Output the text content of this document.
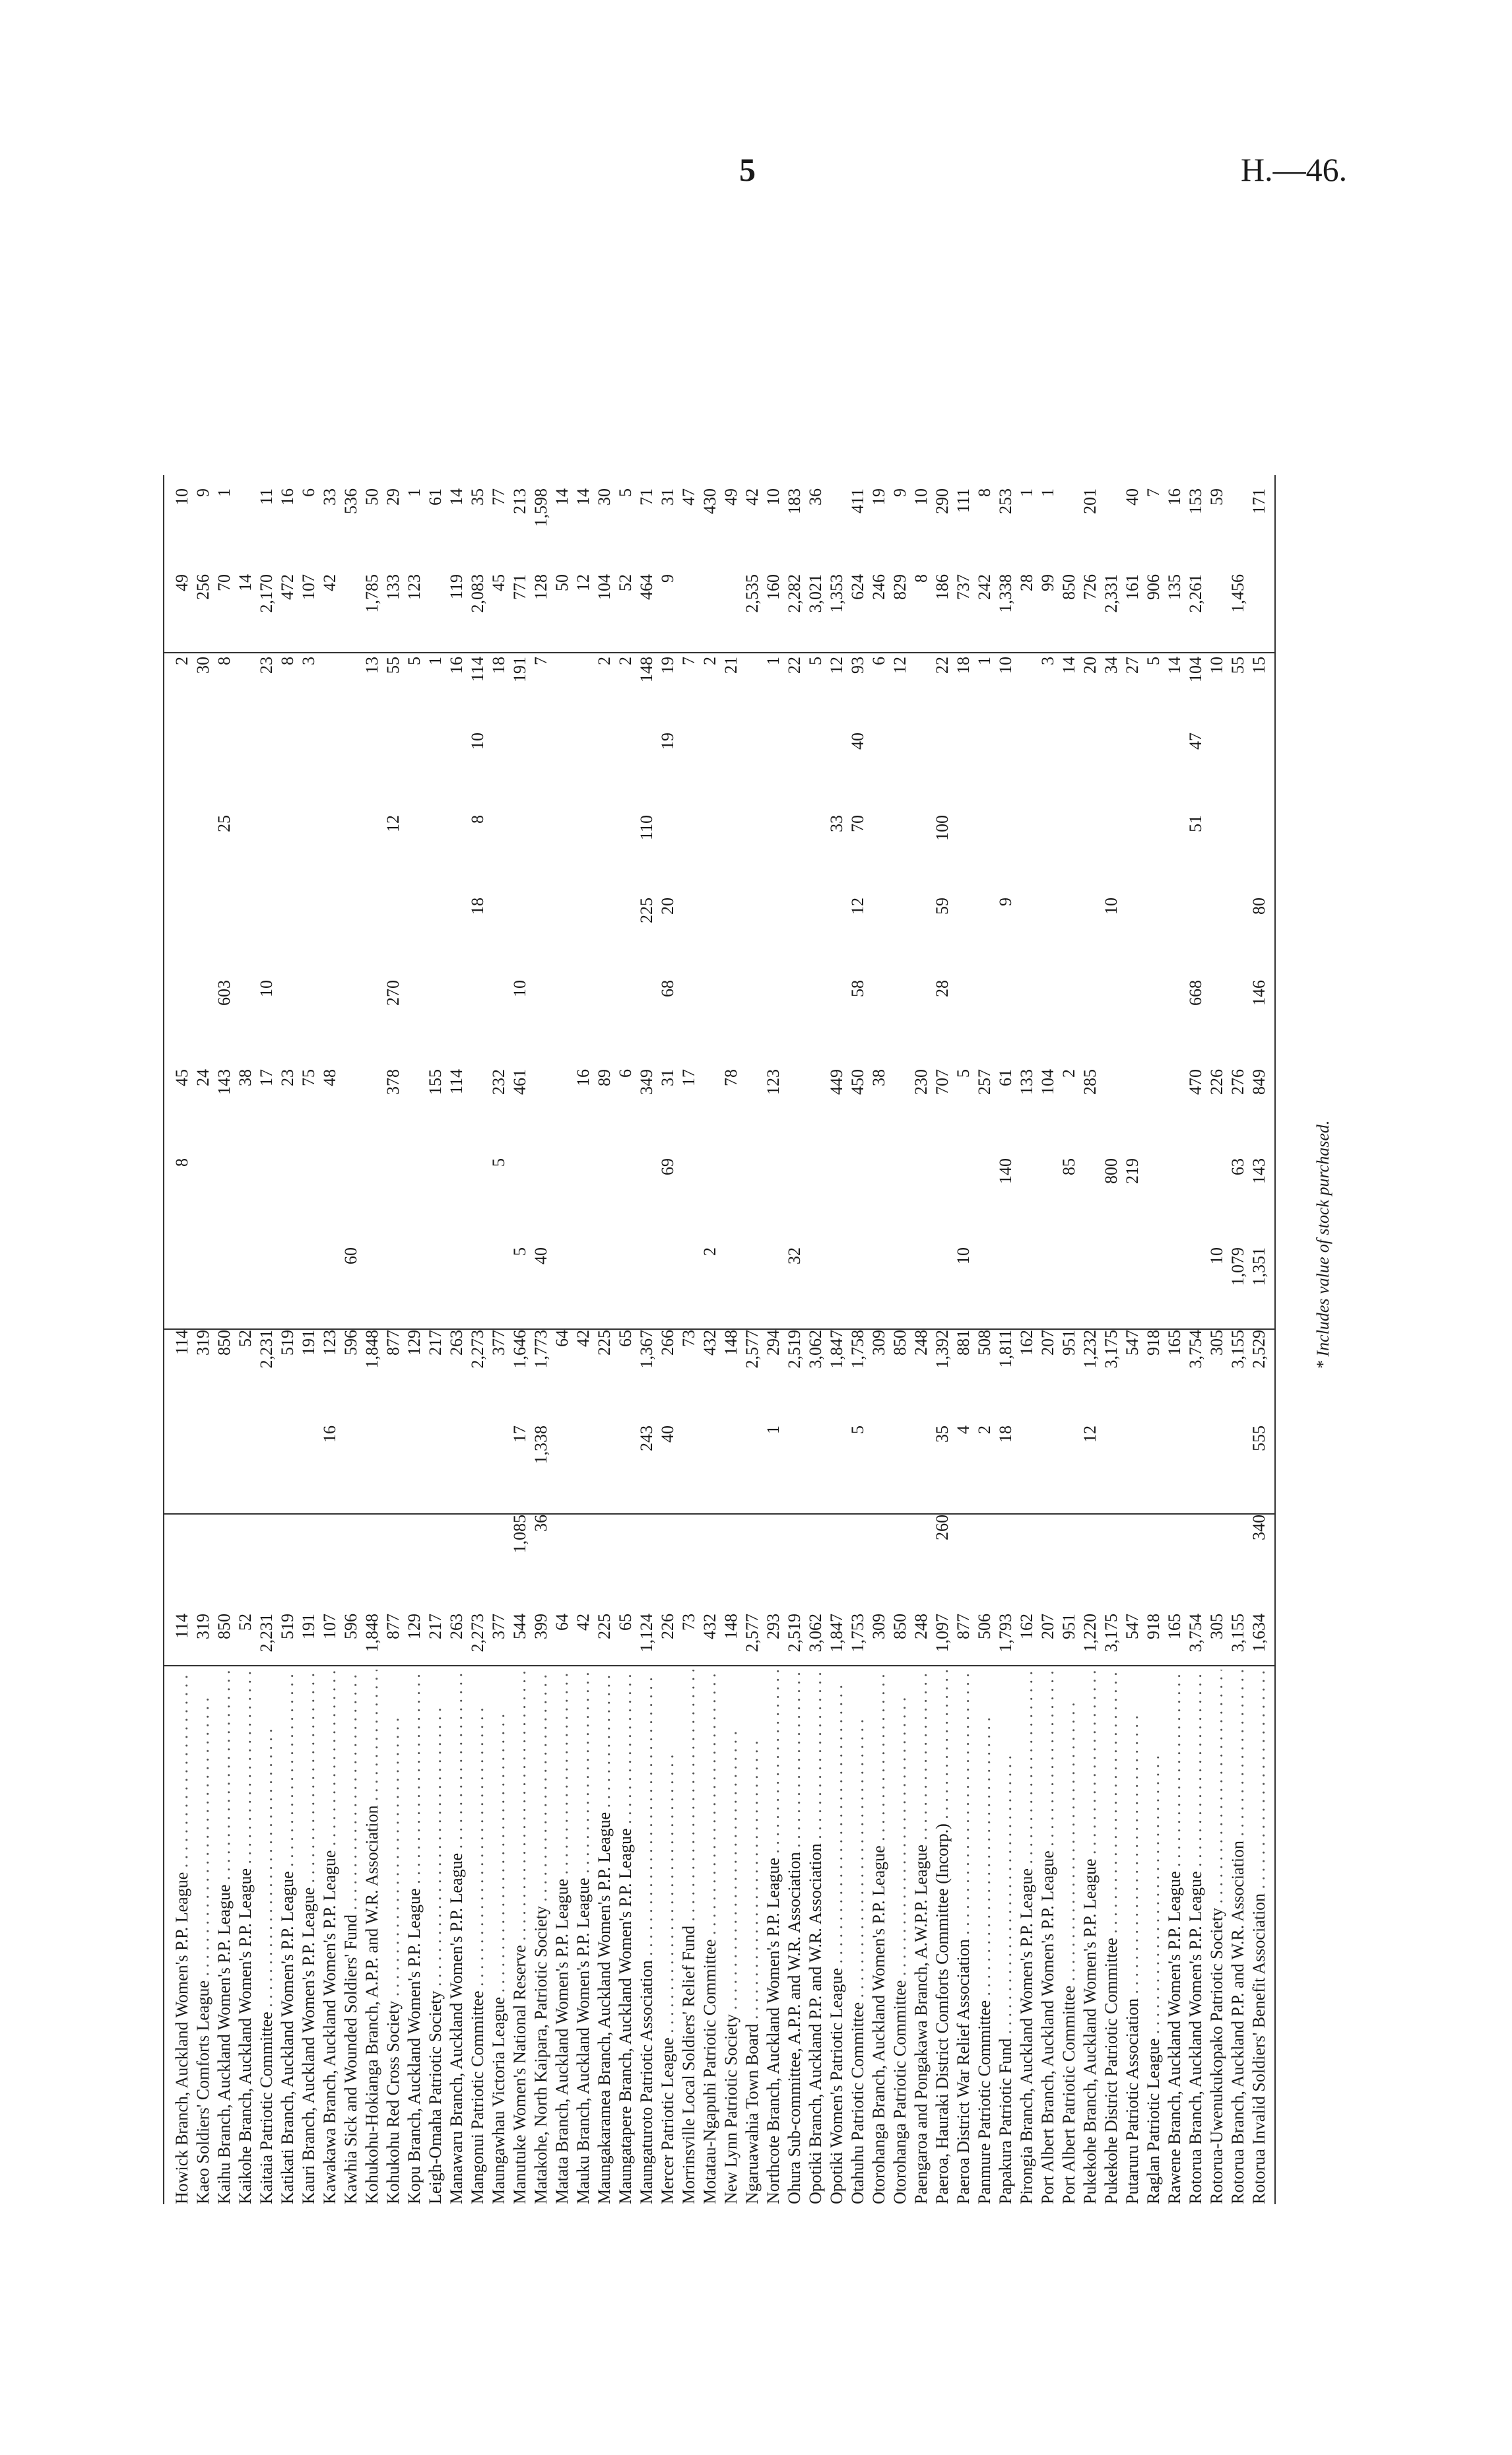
5	H.—46.
Howick Branch, Auckland Women's P.P. League . . .
114
114
8
45
2
49
10
Kaeo Soldiers' Comforts League . . .
319
319
24
30
256
9
Kaihu Branch, Auckland Women's P.P. League . . .
850
850
143
603
25
8
70
1
Kaikohe Branch, Auckland Women's P.P. League . . .
52
52
38
14
Kaitaia Patriotic Committee . . .
2,231
2,231
17
10
23
2,170
11
Katikati Branch, Auckland Women's P.P. League . . .
519
519
23
8
472
16
Kauri Branch, Auckland Women's P.P. League . . .
191
191
75
3
107
6
Kawakawa Branch, Auckland Women's P.P. League . . .
107
16
123
48
42
33
Kawhia Sick and Wounded Soldiers' Fund . . .
596
596
60
536
Kohukohu-Hokianga Branch, A.P.P. and W.R. Association . . .
1,848
1,848
13
1,785
50
Kohukohu Red Cross Society . . .
877
877
378
270
12
55
133
29
Kopu Branch, Auckland Women's P.P. League . . .
129
129
5
123
1
Leigh-Omaha Patriotic Society . . .
217
217
155
1
61
Manawaru Branch, Auckland Women's P.P. League . . .
263
263
114
16
119
14
Mangonui Patriotic Committee . . .
2,273
2,273
18
8
10
114
2,083
35
Maungawhau Victoria League . . .
377
377
5
232
18
45
77
Manutuke Women's National Reserve . . .
544
1,085
17
1,646
5
461
10
191
771
213
Matakohe, North Kaipara, Patriotic Society . . .
399
36
1,338
1,773
40
7
128
1,598
Matata Branch, Auckland Women's P.P. League . . .
64
64
50
14
Mauku Branch, Auckland Women's P.P. League . . .
42
42
16
12
14
Maungakaramea Branch, Auckland Women's P.P. League . . .
225
225
89
2
104
30
Maungatapere Branch, Auckland Women's P.P. League . . .
65
65
6
2
52
5
Maungaturoto Patriotic Association . . .
1,124
243
1,367
349
225
110
148
464
71
Mercer Patriotic League . . .
226
40
266
69
31
68
20
19
19
9
31
Morrinsville Local Soldiers' Relief Fund . . .
73
73
17
7
47
Motatau-Ngapuhi Patriotic Committee . . .
432
432
2
2
430
New Lynn Patriotic Society . . .
148
148
78
21
49
Ngaruawahia Town Board . . .
2,577
2,577
2,535
42
Northcote Branch, Auckland Women's P.P. League . . .
293
1
294
123
1
160
10
Ohura Sub-committee, A.P.P. and W.R. Association . . .
2,519
2,519
32
22
2,282
183
Opotiki Branch, Auckland P.P. and W.R. Association . . .
3,062
3,062
5
3,021
36
Opotiki Women's Patriotic League . . .
1,847
1,847
449
33
12
1,353
Otahuhu Patriotic Committee . . .
1,753
5
1,758
450
58
12
70
40
93
624
411
Otorohanga Branch, Auckland Women's P.P. League . . .
309
309
38
6
246
19
Otorohanga Patriotic Committee . . .
850
850
12
829
9
Paengaroa and Pongakawa Branch, A.W.P.P. League . . .
248
248
230
8
10
Paeroa, Hauraki District Comforts Committee (Incorp.) . . .
1,097
260
35
1,392
707
28
59
100
22
186
290
Paeroa District War Relief Association . . .
877
4
881
10
5
18
737
111
Panmure Patriotic Committee . . .
506
2
508
257
1
242
8
Papakura Patriotic Fund . . .
1,793
18
1,811
140
61
9
10
1,338
253
Pirongia Branch, Auckland Women's P.P. League . . .
162
162
133
28
1
Port Albert Branch, Auckland Women's P.P. League . . .
207
207
104
3
99
1
Port Albert Patriotic Committee . . .
951
951
85
2
14
850
Pukekohe Branch, Auckland Women's P.P. League . . .
1,220
12
1,232
285
20
726
201
Pukekohe District Patriotic Committee . . .
3,175
3,175
800
10
34
2,331
Putaruru Patriotic Association . . .
547
547
219
27
161
40
Raglan Patriotic League . . .
918
918
5
906
7
Rawene Branch, Auckland Women's P.P. League . . .
165
165
14
135
16
Rotorua Branch, Auckland Women's P.P. League . . .
3,754
3,754
470
668
51
47
104
2,261
153
Rotorua-Uwenukukopako Patriotic Society . . .
305
305
10
226
10
59
Rotorua Branch, Auckland P.P. and W.R. Association . . .
3,155
3,155
1,079
63
276
55
1,456
Rotorua Invalid Soldiers' Benefit Association . . .
1,634
340
555
2,529
1,351
143
849
146
80
15
171
* Includes value of stock purchased.
